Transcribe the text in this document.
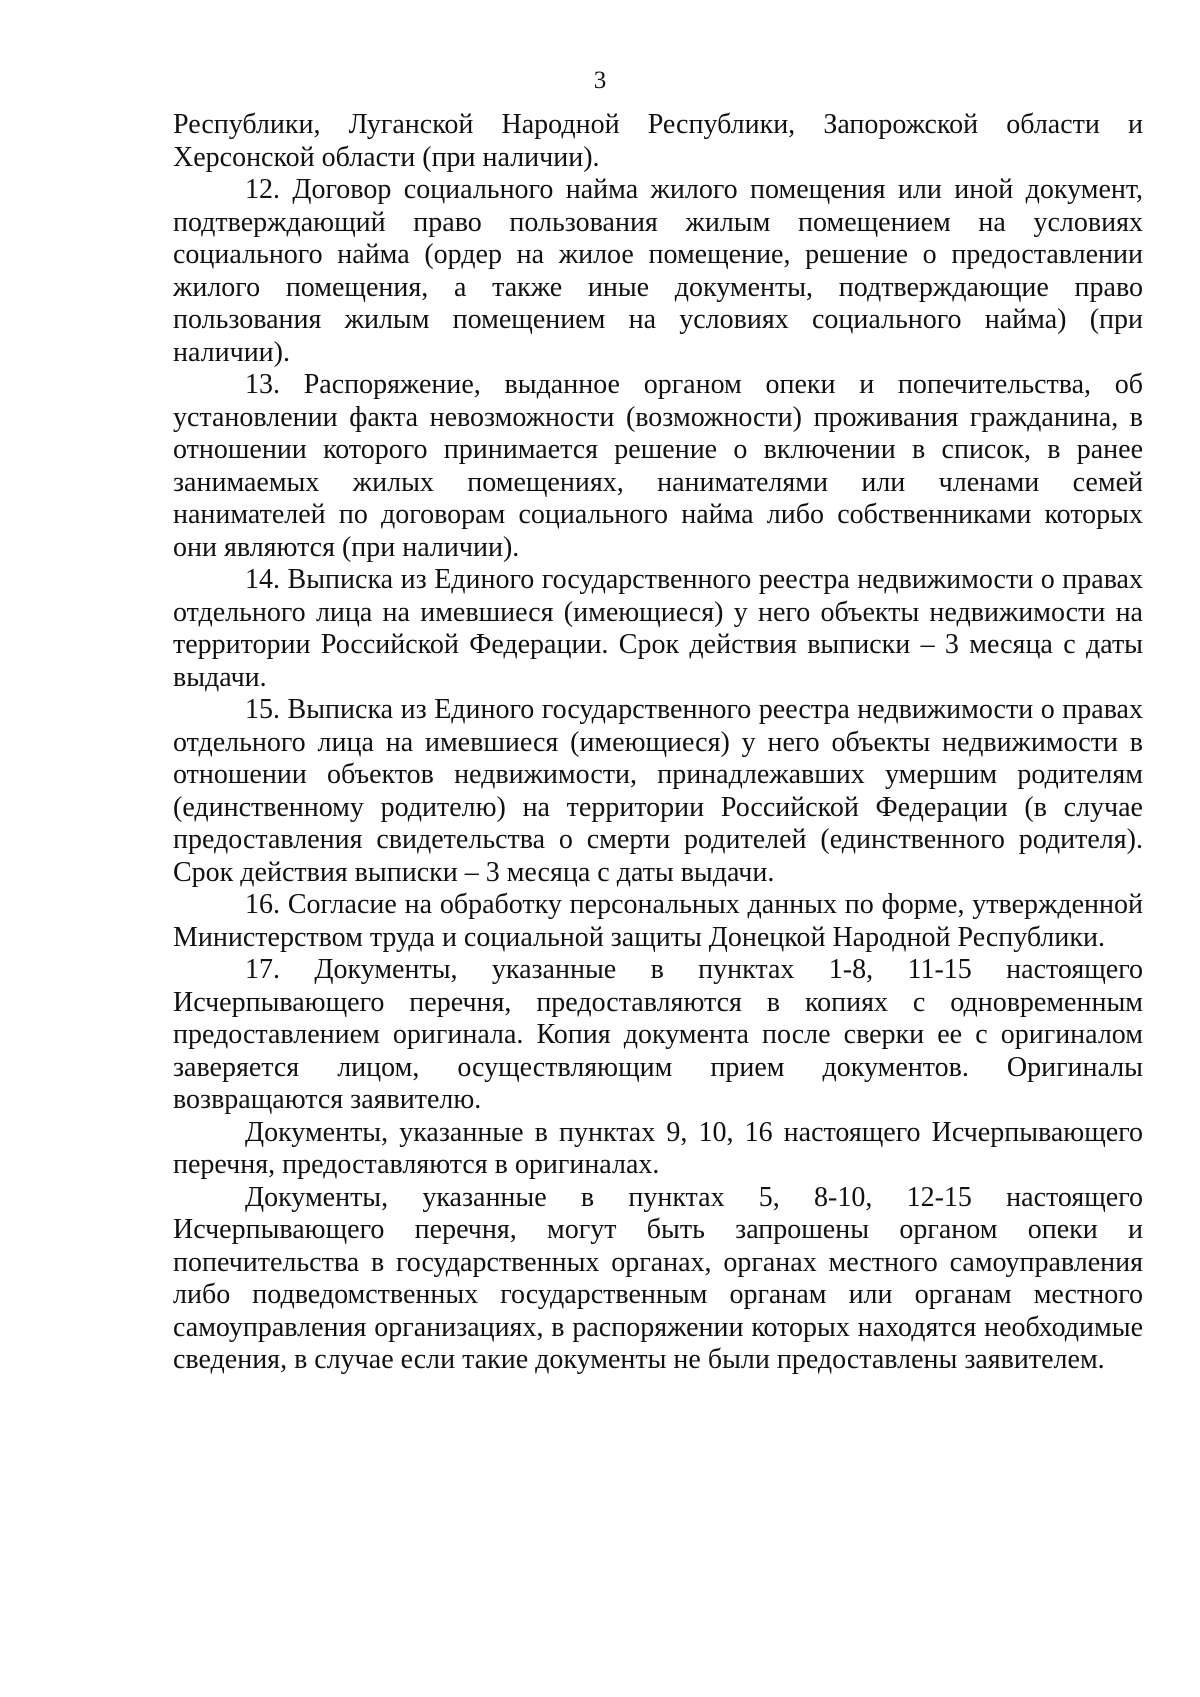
3

Республики, Луганской Народной Республики, Запорожской области и Херсонской области (при наличии).

12. Договор социального найма жилого помещения или иной документ, подтверждающий право пользования жилым помещением на условиях социального найма (ордер на жилое помещение, решение о предоставлении жилого помещения, а также иные документы, подтверждающие право пользования жилым помещением на условиях социального найма) (при наличии).

13. Распоряжение, выданное органом опеки и попечительства, об установлении факта невозможности (возможности) проживания гражданина, в отношении которого принимается решение о включении в список, в ранее занимаемых жилых помещениях, нанимателями или членами семей нанимателей по договорам социального найма либо собственниками которых они являются (при наличии).

14. Выписка из Единого государственного реестра недвижимости о правах отдельного лица на имевшиеся (имеющиеся) у него объекты недвижимости на территории Российской Федерации. Срок действия выписки – 3 месяца с даты выдачи.

15. Выписка из Единого государственного реестра недвижимости о правах отдельного лица на имевшиеся (имеющиеся) у него объекты недвижимости в отношении объектов недвижимости, принадлежавших умершим родителям (единственному родителю) на территории Российской Федерации (в случае предоставления свидетельства о смерти родителей (единственного родителя). Срок действия выписки – 3 месяца с даты выдачи.

16. Согласие на обработку персональных данных по форме, утвержденной Министерством труда и социальной защиты Донецкой Народной Республики.

17. Документы, указанные в пунктах 1-8, 11-15 настоящего Исчерпывающего перечня, предоставляются в копиях с одновременным предоставлением оригинала. Копия документа после сверки ее с оригиналом заверяется лицом, осуществляющим прием документов. Оригиналы возвращаются заявителю.

Документы, указанные в пунктах 9, 10, 16 настоящего Исчерпывающего перечня, предоставляются в оригиналах.

Документы, указанные в пунктах 5, 8-10, 12-15 настоящего Исчерпывающего перечня, могут быть запрошены органом опеки и попечительства в государственных органах, органах местного самоуправления либо подведомственных государственным органам или органам местного самоуправления организациях, в распоряжении которых находятся необходимые сведения, в случае если такие документы не были предоставлены заявителем.
